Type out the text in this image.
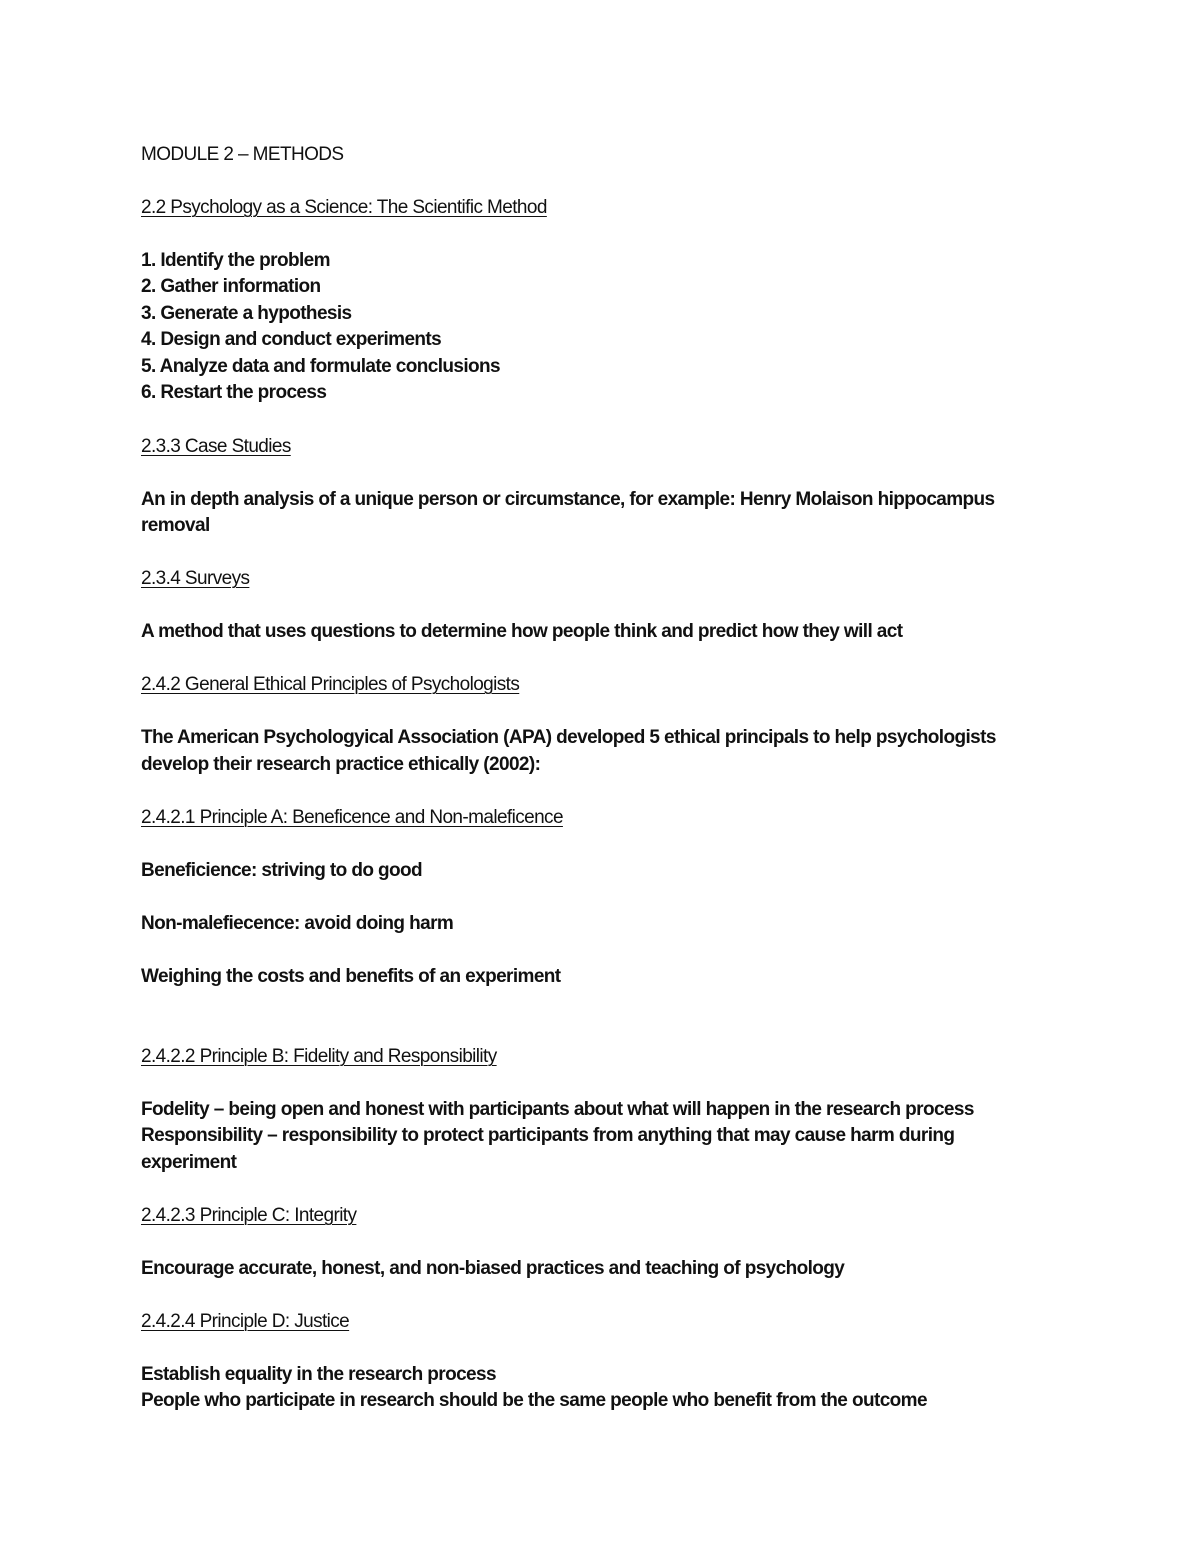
MODULE 2 – METHODS

2.2 Psychology as a Science: The Scientific Method

1. Identify the problem

2. Gather information

3. Generate a hypothesis

4. Design and conduct experiments

5. Analyze data and formulate conclusions

6. Restart the process

2.3.3 Case Studies

An in depth analysis of a unique person or circumstance, for example: Henry Molaison hippocampus

removal

2.3.4 Surveys

A method that uses questions to determine how people think and predict how they will act

2.4.2 General Ethical Principles of Psychologists

The American Psychologyical Association (APA) developed 5 ethical principals to help psychologists

develop their research practice ethically (2002):

2.4.2.1 Principle A: Beneficence and Non-maleficence

Beneficience: striving to do good

Non-malefiecence: avoid doing harm

Weighing the costs and benefits of an experiment

2.4.2.2 Principle B: Fidelity and Responsibility

Fodelity – being open and honest with participants about what will happen in the research process

Responsibility – responsibility to protect participants from anything that may cause harm during

experiment

2.4.2.3 Principle C: Integrity

Encourage accurate, honest, and non-biased practices and teaching of psychology

2.4.2.4 Principle D: Justice

Establish equality in the research process

People who participate in research should be the same people who benefit from the outcome
